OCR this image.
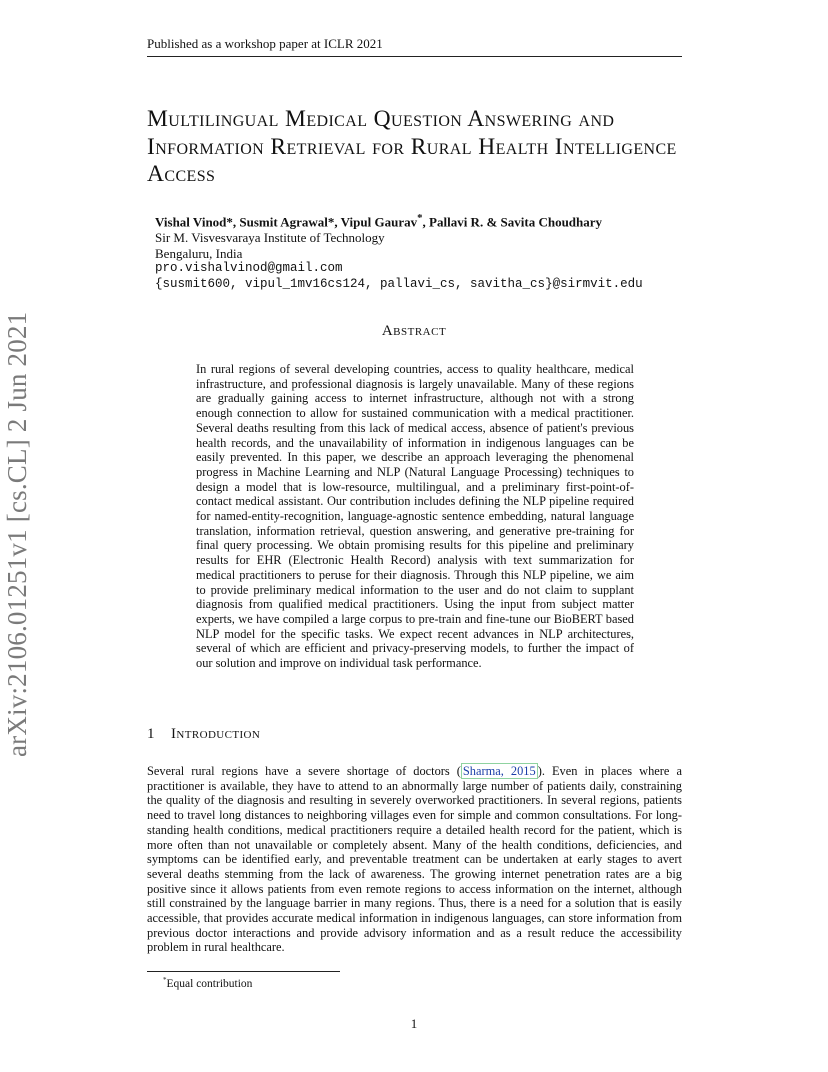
Published as a workshop paper at ICLR 2021
arXiv:2106.01251v1 [cs.CL] 2 Jun 2021
Multilingual Medical Question Answering and Information Retrieval for Rural Health Intelligence Access
Vishal Vinod*, Susmit Agrawal*, Vipul Gaurav*, Pallavi R. & Savita Choudhary
Sir M. Visvesvaraya Institute of Technology
Bengaluru, India
pro.vishalvinod@gmail.com
{susmit600, vipul_1mv16cs124, pallavi_cs, savitha_cs}@sirmvit.edu
Abstract

In rural regions of several developing countries, access to quality healthcare, medical infrastructure, and professional diagnosis is largely unavailable. Many of these regions are gradually gaining access to internet infrastructure, although not with a strong enough connection to allow for sustained communication with a medical practitioner. Several deaths resulting from this lack of medical access, absence of patient's previous health records, and the unavailability of information in indigenous languages can be easily prevented. In this paper, we describe an approach leveraging the phenomenal progress in Machine Learning and NLP (Natural Language Processing) techniques to design a model that is low-resource, multilingual, and a preliminary first-point-of-contact medical assistant. Our contribution includes defining the NLP pipeline required for named-entity-recognition, language-agnostic sentence embedding, natural language translation, information retrieval, question answering, and generative pre-training for final query processing. We obtain promising results for this pipeline and preliminary results for EHR (Electronic Health Record) analysis with text summarization for medical practitioners to peruse for their diagnosis. Through this NLP pipeline, we aim to provide preliminary medical information to the user and do not claim to supplant diagnosis from qualified medical practitioners. Using the input from subject matter experts, we have compiled a large corpus to pre-train and fine-tune our BioBERT based NLP model for the specific tasks. We expect recent advances in NLP architectures, several of which are efficient and privacy-preserving models, to further the impact of our solution and improve on individual task performance.

1 Introduction

Several rural regions have a severe shortage of doctors ( Sharma, 2015 ). Even in places where a practitioner is available, they have to attend to an abnormally large number of patients daily, constraining the quality of the diagnosis and resulting in severely overworked practitioners. In several regions, patients need to travel long distances to neighboring villages even for simple and common consultations. For long-standing health conditions, medical practitioners require a detailed health record for the patient, which is more often than not unavailable or completely absent. Many of the health conditions, deficiencies, and symptoms can be identified early, and preventable treatment can be undertaken at early stages to avert several deaths stemming from the lack of awareness. The growing internet penetration rates are a big positive since it allows patients from even remote regions to access information on the internet, although still constrained by the language barrier in many regions. Thus, there is a need for a solution that is easily accessible, that provides accurate medical information in indigenous languages, can store information from previous doctor interactions and provide advisory information and as a result reduce the accessibility problem in rural healthcare.

*Equal contribution
1
